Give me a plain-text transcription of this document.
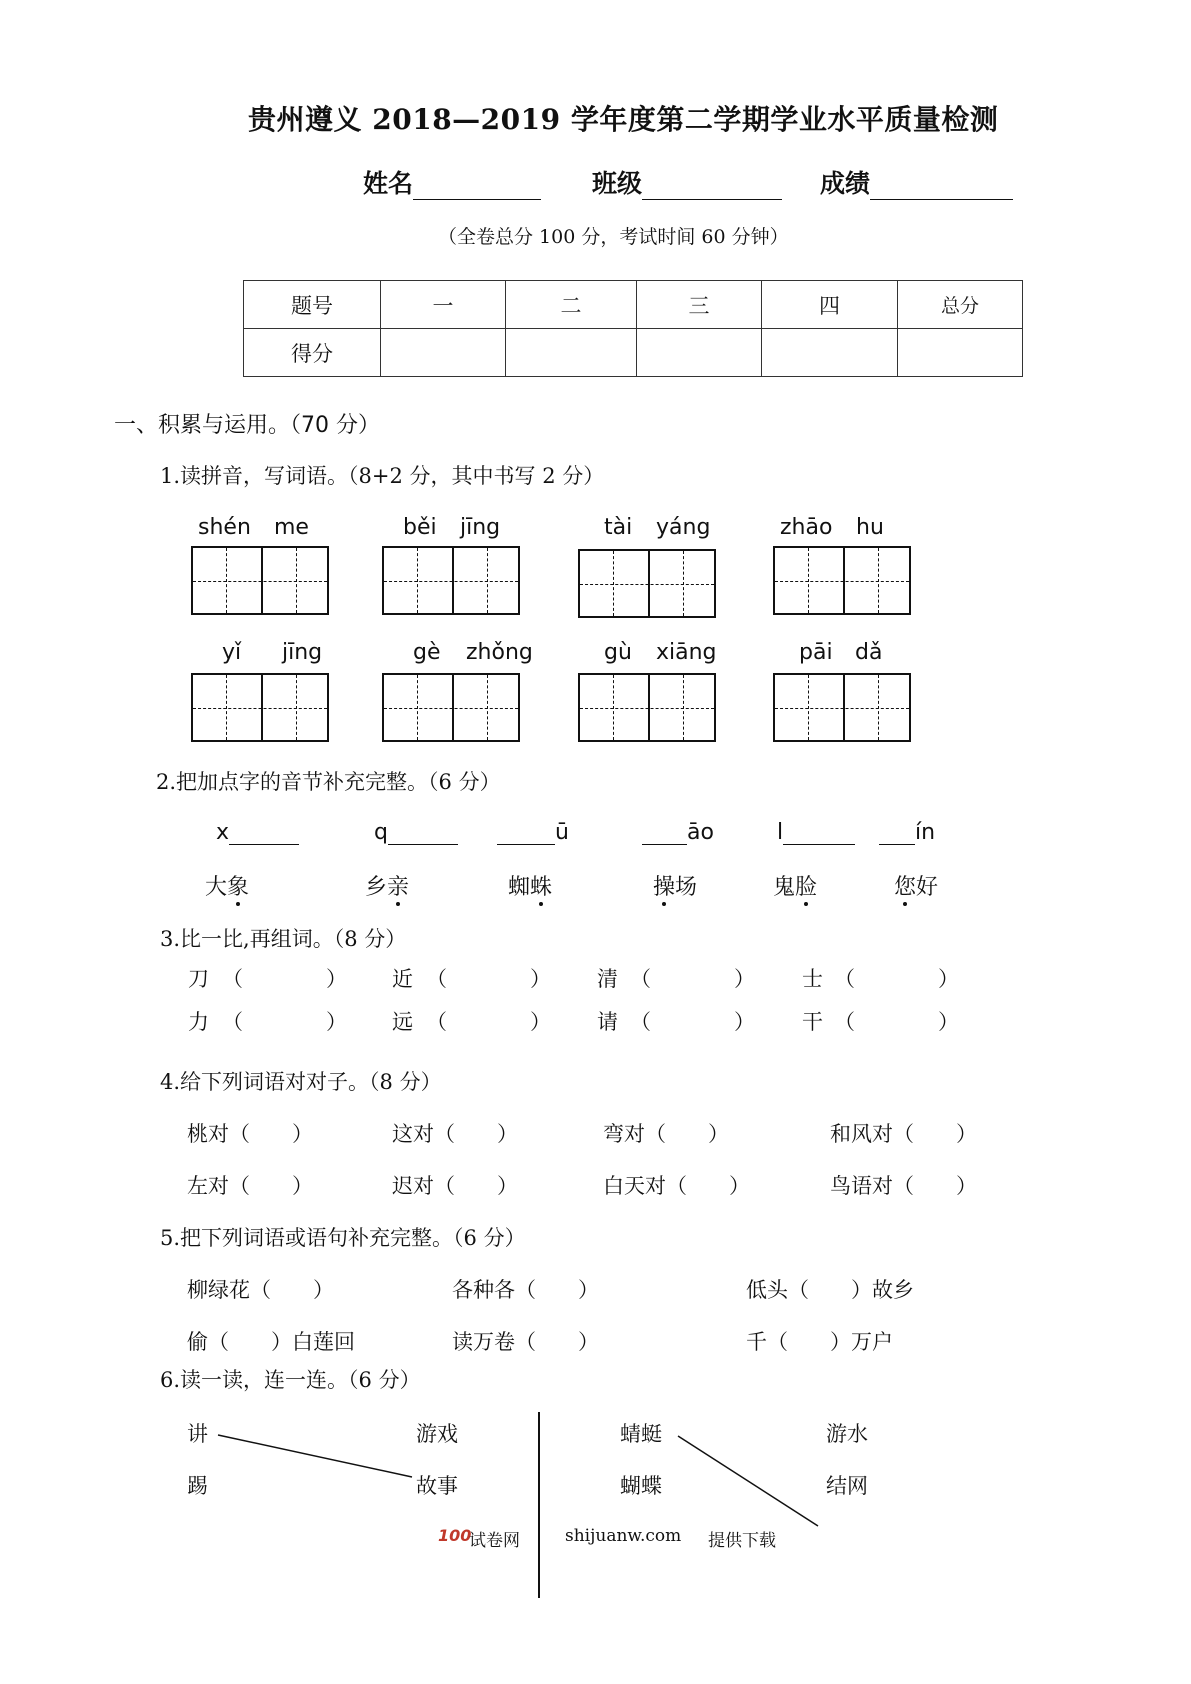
贵州遵义 2018—2019 学年度第二学期学业水平质量检测
姓名	班级	成绩
（全卷总分 100 分，考试时间 60 分钟）
题号	一	二	三	四	总分
得分					
一、积累与运用。（70 分）
1.读拼音，写词语。（8+2 分，其中书写 2 分）
shén me	běi jīng	tài yáng	zhāo hu
yǐ jīng	gè zhǒng	gù xiāng	pāi dǎ
2.把加点字的音节补充完整。（6 分）
x	q	ū	āo	l	ín
大象	乡亲	蜘蛛	操场	鬼脸	您好
3.比一比,再组词。（8 分）
刀 （	） 近 （	） 清 （	） 士 （	）
力 （	） 远 （	） 请 （	） 干 （	）
4.给下列词语对对子。（8 分）
桃对（　　）	这对（　　）	弯对（　　）	和风对（　　）
左对（　　）	迟对（　　）	白天对（　　）	鸟语对（　　）
5.把下列词语或语句补充完整。（6 分）
柳绿花（　　）	各种各（　　）	低头（　　）故乡
偷（　　）白莲回	读万卷（　　）	千（　　）万户
6.读一读，连一连。（6 分）
讲
踢
游戏
故事
蜻蜓
蝴蝶
游水
结网
100
试卷网	shijuanw.com 提供下载
